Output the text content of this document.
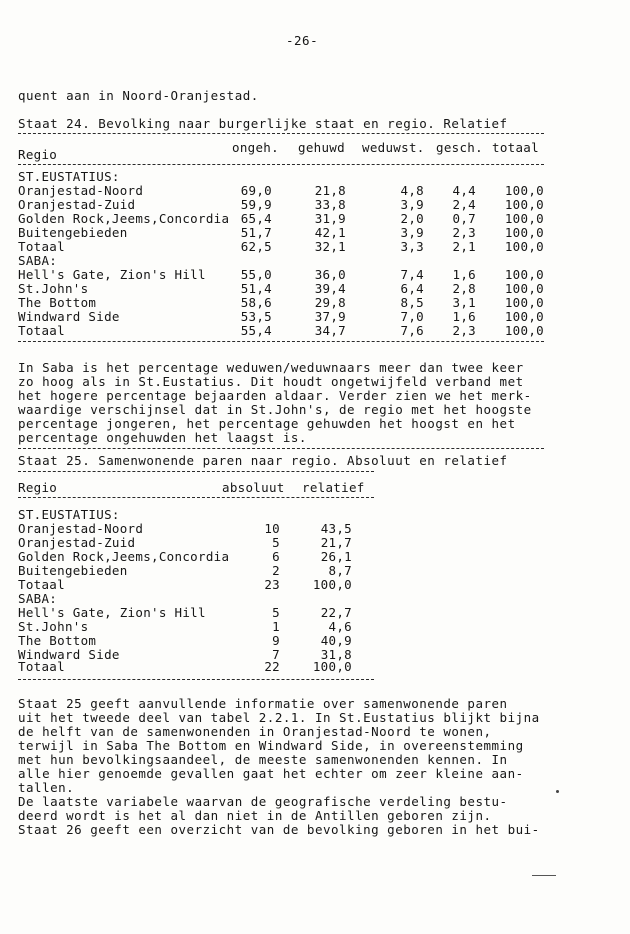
-26-
quent aan in Noord-Oranjestad.
Staat 24. Bevolking naar burgerlijke staat en regio. Relatief
Regio	ongeh. gehuwd weduwst. gesch. totaal
ST.EUSTATIUS:
Oranjestad-Noord	69,0	21,8	4,8	4,4	100,0
Oranjestad-Zuid	59,9	33,8	3,9	2,4	100,0
Golden Rock,Jeems,Concordia 65,4	31,9	2,0	0,7	100,0
Buitengebieden	51,7	42,1	3,9	2,3	100,0
Totaal	62,5	32,1	3,3	2,1	100,0
SABA:
Hell's Gate, Zion's Hill	55,0	36,0	7,4	1,6	100,0
St.John's	51,4	39,4	6,4	2,8	100,0
The Bottom	58,6	29,8	8,5	3,1	100,0
Windward Side	53,5	37,9	7,0	1,6	100,0
Totaal	55,4	34,7	7,6	2,3	100,0
In Saba is het percentage weduwen/weduwnaars meer dan twee keer
zo hoog als in St.Eustatius. Dit houdt ongetwijfeld verband met
het hogere percentage bejaarden aldaar. Verder zien we het merk-
waardige verschijnsel dat in St.John's, de regio met het hoogste
percentage jongeren, het percentage gehuwden het hoogst en het
percentage ongehuwden het laagst is.
Staat 25. Samenwonende paren naar regio. Absoluut en relatief
Regio	absoluut relatief
ST.EUSTATIUS:
Oranjestad-Noord	10	43,5
Oranjestad-Zuid	5	21,7
Golden Rock,Jeems,Concordia	6	26,1
Buitengebieden	2	8,7
Totaal	23	100,0
SABA:
Hell's Gate, Zion's Hill	5	22,7
St.John's	1	4,6
The Bottom	9	40,9
Windward Side	7	31,8
Totaal	22	100,0
Staat 25 geeft aanvullende informatie over samenwonende paren
uit het tweede deel van tabel 2.2.1. In St.Eustatius blijkt bijna
de helft van de samenwonenden in Oranjestad-Noord te wonen,
terwijl in Saba The Bottom en Windward Side, in overeenstemming
met hun bevolkingsaandeel, de meeste samenwonenden kennen. In
alle hier genoemde gevallen gaat het echter om zeer kleine aan-
tallen.
De laatste variabele waarvan de geografische verdeling bestu-
deerd wordt is het al dan niet in de Antillen geboren zijn.
Staat 26 geeft een overzicht van de bevolking geboren in het bui-
